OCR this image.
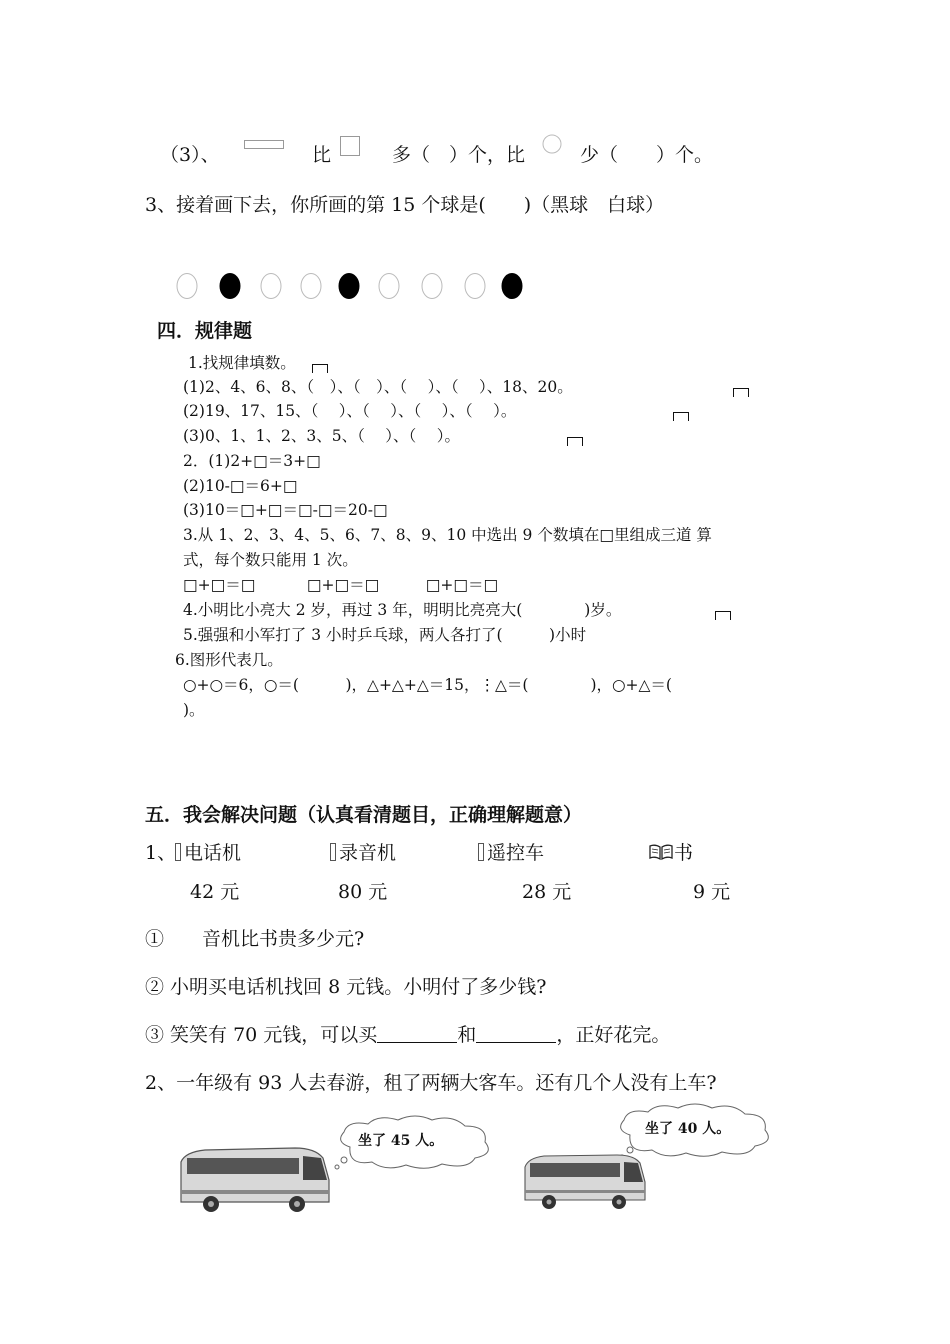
（3）、	比	多（　）个，比	少（　　）个。
3、接着画下去，你所画的第 15 个球是(　　)（黑球　白球）
四．规律题
1.找规律填数。
(1)2、4、6、8、（　）、（　）、（　 ）、（　 ）、18、20。
(2)19、17、15、（　 ）、（　 ）、（　 ）、（　 ）。
(3)0、1、1、2、3、5、（　 ）、（　 ）。
2．(1)2+□＝3+□
(2)10-□＝6+□
(3)10＝□+□＝□-□＝20-□
3.从 1、2、3、4、5、6、7、8、9、10 中选出 9 个数填在□里组成三道 算
式，每个数只能用 1 次。
□+□＝□　　　 □+□＝□　　　□+□＝□
4.小明比小亮大 2 岁，再过 3 年，明明比亮亮大(　　　　)岁。
5.强强和小军打了 3 小时乒乓球，两人各打了(　　　)小时
6.图形代表几。
○+○＝6，○＝(　　　)，△+△+△＝15，⋮△＝(　　　　)，○+△＝(
)。
五．我会解决问题（认真看清题目，正确理解题意）
1、 电话机	录音机	遥控车	书
42 元	80 元	28 元	9 元
①　　音机比书贵多少元?
② 小明买电话机找回 8 元钱。小明付了多少钱?
③ 笑笑有 70 元钱，可以买	和	，正好花完。
2、一年级有 93 人去春游，租了两辆大客车。还有几个人没有上车?
坐了 45 人。
坐了 40 人。
